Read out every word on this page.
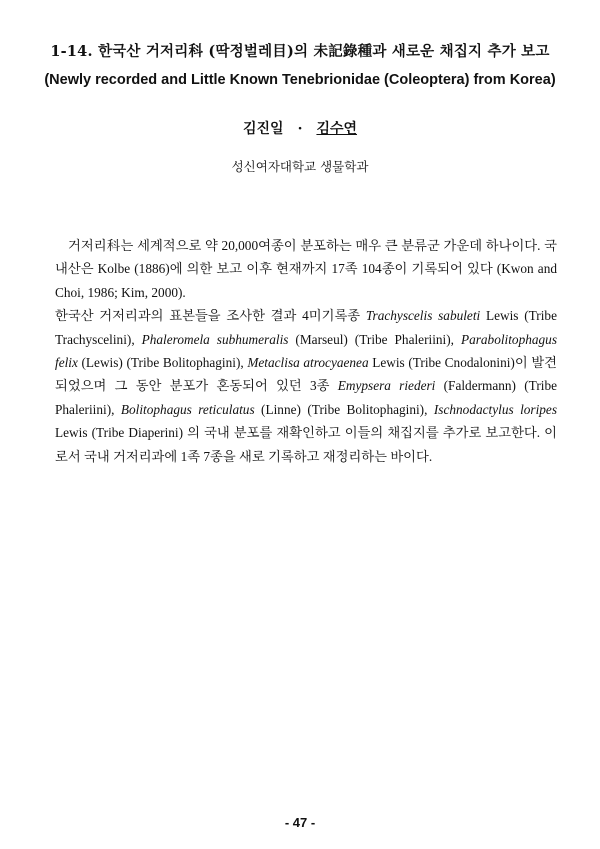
1-14. 한국산 거저리科 (딱정벌레目)의 未記錄種과 새로운 채집지 추가 보고
(Newly recorded and Little Known Tenebrionidae (Coleoptera) from Korea)
김진일 · 김수연
성신여자대학교 생물학과

거저리科는 세계적으로 약 20,000여종이 분포하는 매우 큰 분류군 가운데 하나이다. 국내산은 Kolbe (1886)에 의한 보고 이후 현재까지 17족 104종이 기록되어 있다 (Kwon and Choi, 1986; Kim, 2000).

한국산 거저리과의 표본들을 조사한 결과 4미기록종 Trachyscelis sabuleti Lewis (Tribe Trachyscelini), Phaleromela subhumeralis (Marseul) (Tribe Phaleriini), Parabolitophagus felix (Lewis) (Tribe Bolitophagini), Metaclisa atrocyaenea Lewis (Tribe Cnodalonini)이 발견되었으며 그 동안 분포가 혼동되어 있던 3종 Emypsera riederi (Faldermann) (Tribe Phaleriini), Bolitophagus reticulatus (Linne) (Tribe Bolitophagini), Ischnodactylus loripes Lewis (Tribe Diaperini) 의 국내 분포를 재확인하고 이들의 채집지를 추가로 보고한다. 이로서 국내 거저리과에 1족 7종을 새로 기록하고 재정리하는 바이다.

- 47 -
